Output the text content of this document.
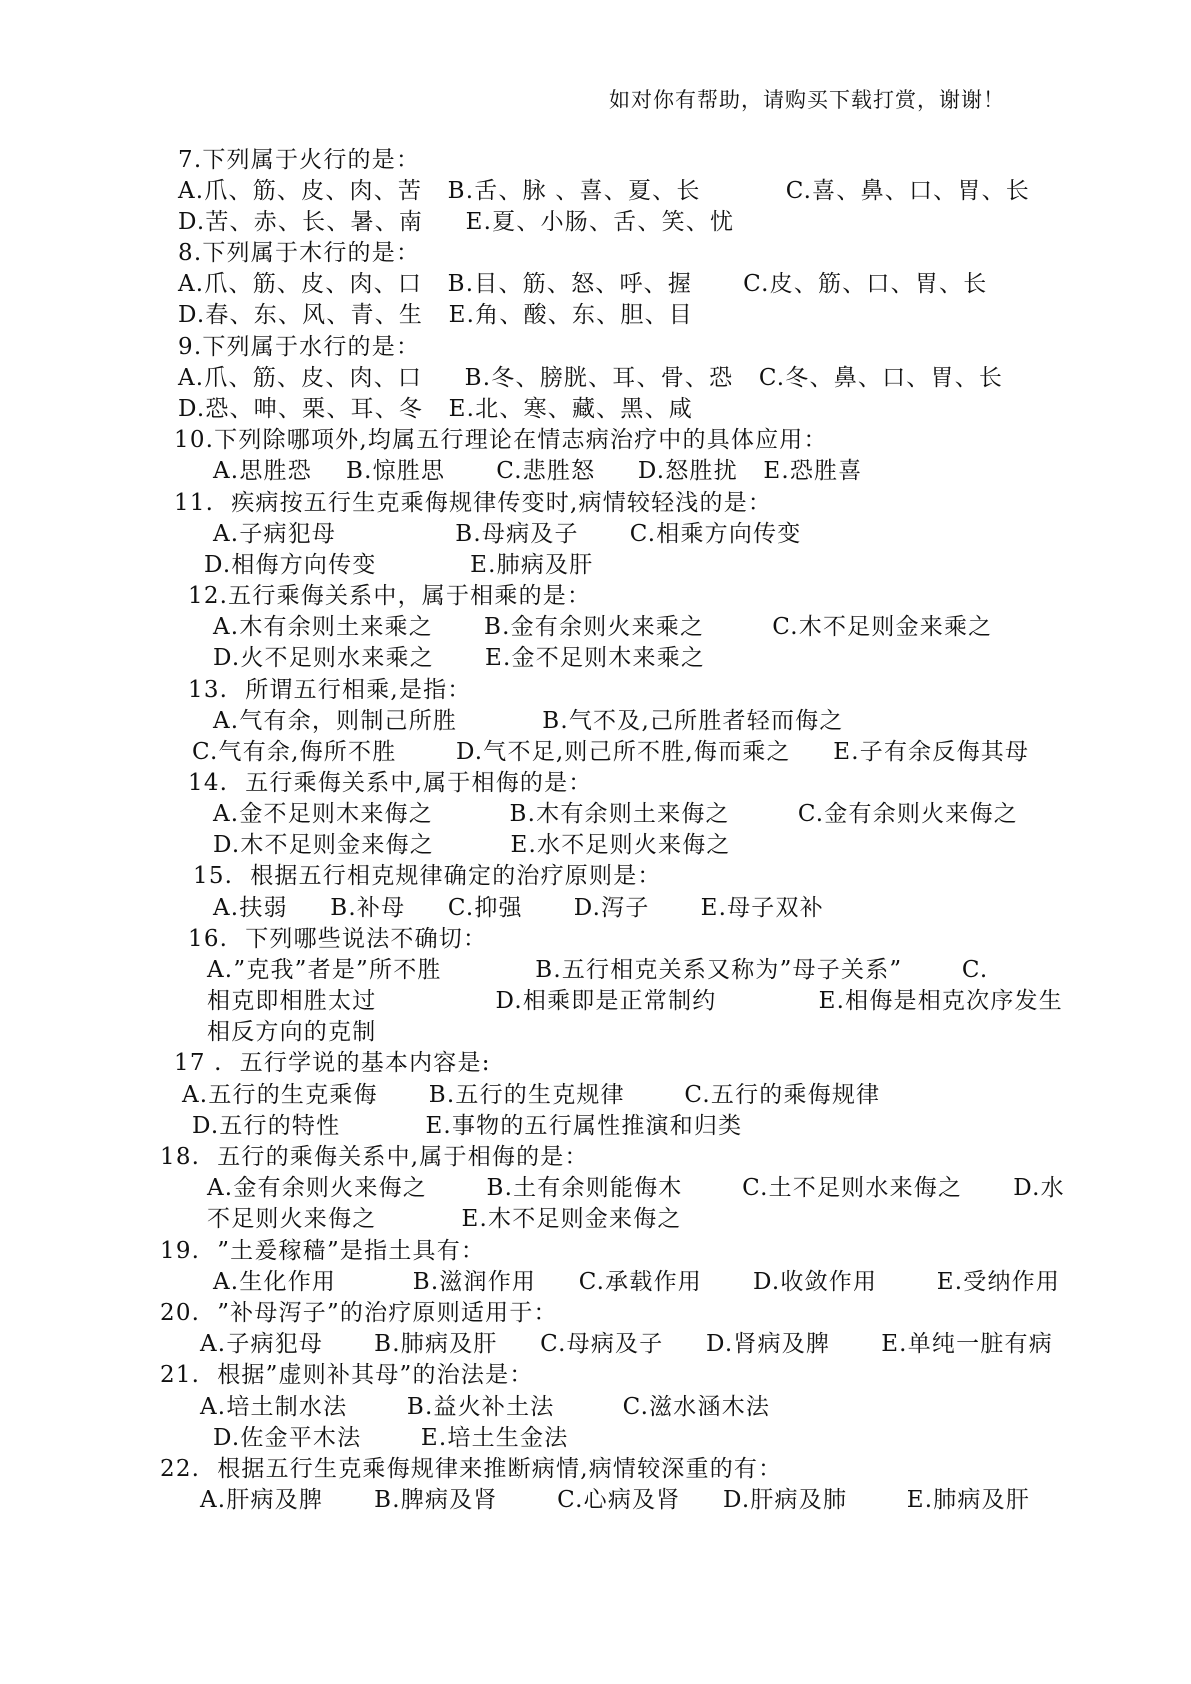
如对你有帮助，请购买下载打赏，谢谢！
7.下列属于火行的是：
A.爪、筋、皮、肉、苦   B.舌、脉 、喜、夏、长          C.喜、鼻、口、胃、长
D.苦、赤、长、暑、南     E.夏、小肠、舌、笑、忧
8.下列属于木行的是：
A.爪、筋、皮、肉、口   B.目、筋、怒、呼、握      C.皮、筋、口、胃、长
D.春、东、风、青、生   E.角、酸、东、胆、目
9.下列属于水行的是：
A.爪、筋、皮、肉、口     B.冬、膀胱、耳、骨、恐   C.冬、鼻、口、胃、长
D.恐、呻、栗、耳、冬   E.北、寒、藏、黑、咸
10.下列除哪项外,均属五行理论在情志病治疗中的具体应用：
A.思胜恐    B.惊胜思      C.悲胜怒     D.怒胜扰   E.恐胜喜
11.  疾病按五行生克乘侮规律传变时,病情较轻浅的是：
A.子病犯母              B.母病及子      C.相乘方向传变
D.相侮方向传变           E.肺病及肝
12.五行乘侮关系中，属于相乘的是：
A.木有余则土来乘之      B.金有余则火来乘之        C.木不足则金来乘之
D.火不足则水来乘之      E.金不足则木来乘之
13.  所谓五行相乘,是指：
A.气有余，则制己所胜          B.气不及,己所胜者轻而侮之
C.气有余,侮所不胜       D.气不足,则己所不胜,侮而乘之     E.子有余反侮其母
14.  五行乘侮关系中,属于相侮的是：
A.金不足则木来侮之         B.木有余则土来侮之        C.金有余则火来侮之
D.木不足则金来侮之         E.水不足则火来侮之
15.  根据五行相克规律确定的治疗原则是：
A.扶弱     B.补母     C.抑强      D.泻子      E.母子双补
16.  下列哪些说法不确切：
A.”克我”者是”所不胜           B.五行相克关系又称为”母子关系”       C.
相克即相胜太过              D.相乘即是正常制约            E.相侮是相克次序发生
相反方向的克制
17 .  五行学说的基本内容是:
A.五行的生克乘侮      B.五行的生克规律       C.五行的乘侮规律
D.五行的特性          E.事物的五行属性推演和归类
18.  五行的乘侮关系中,属于相侮的是：
A.金有余则火来侮之       B.土有余则能侮木       C.土不足则水来侮之      D.水
不足则火来侮之          E.木不足则金来侮之
19.  ”土爰稼穑”是指土具有：
A.生化作用         B.滋润作用     C.承载作用      D.收敛作用       E.受纳作用
20.  ”补母泻子”的治疗原则适用于：
A.子病犯母      B.肺病及肝     C.母病及子     D.肾病及脾      E.单纯一脏有病
21.  根据”虚则补其母”的治法是：
A.培土制水法       B.益火补土法        C.滋水涵木法
D.佐金平木法       E.培土生金法
22.  根据五行生克乘侮规律来推断病情,病情较深重的有：
A.肝病及脾      B.脾病及肾       C.心病及肾     D.肝病及肺       E.肺病及肝
